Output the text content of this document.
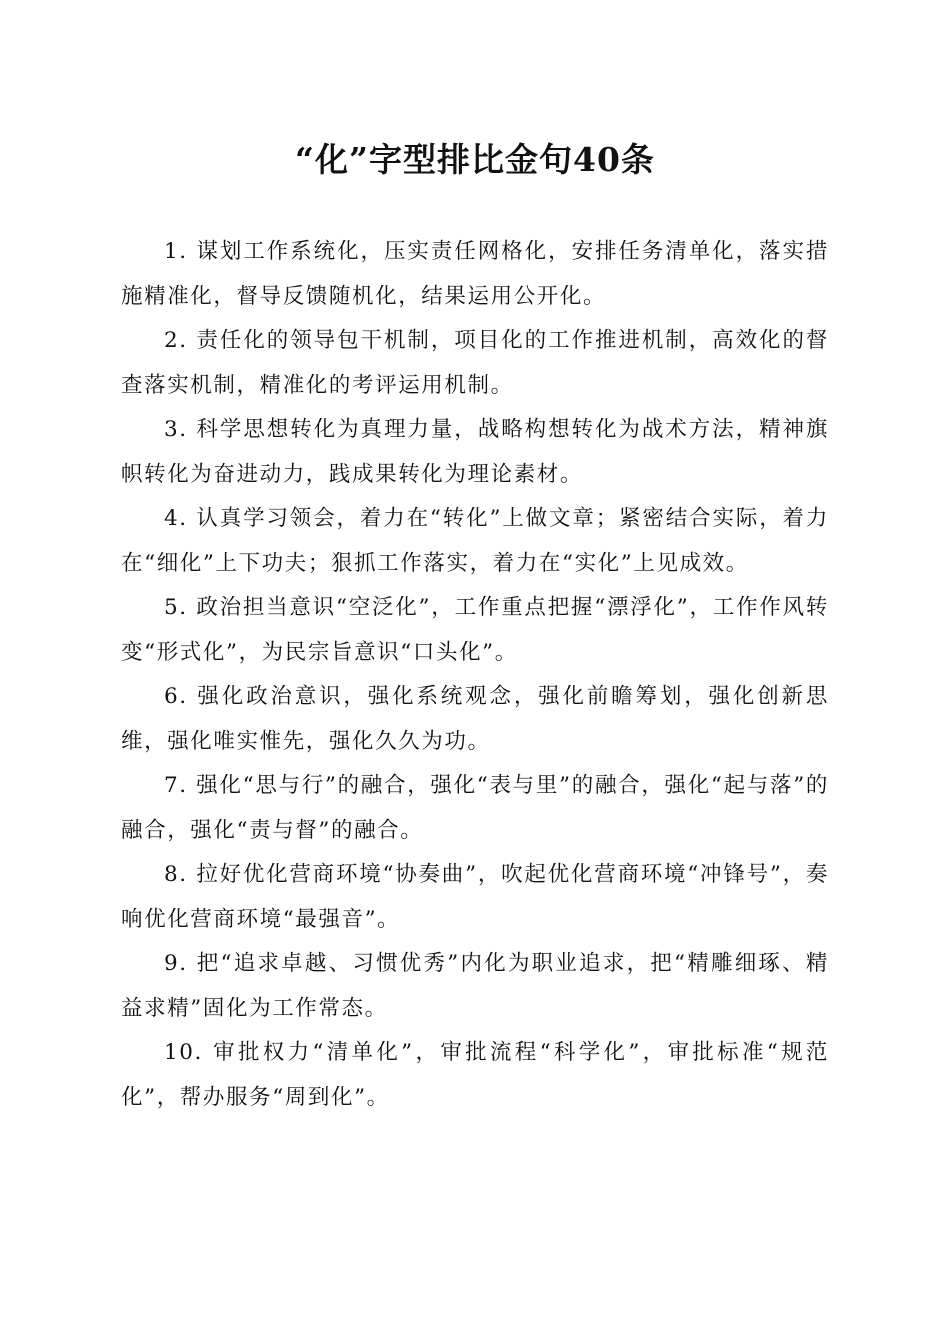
“化”字型排比金句40条

1. 谋划工作系统化，压实责任网格化，安排任务清单化，落实措施精准化，督导反馈随机化，结果运用公开化。

2. 责任化的领导包干机制，项目化的工作推进机制，高效化的督查落实机制，精准化的考评运用机制。

3. 科学思想转化为真理力量，战略构想转化为战术方法，精神旗帜转化为奋进动力，践成果转化为理论素材。

4. 认真学习领会，着力在“转化”上做文章；紧密结合实际，着力在“细化”上下功夫；狠抓工作落实，着力在“实化”上见成效。

5. 政治担当意识“空泛化”，工作重点把握“漂浮化”，工作作风转变“形式化”，为民宗旨意识“口头化”。

6. 强化政治意识，强化系统观念，强化前瞻筹划，强化创新思维，强化唯实惟先，强化久久为功。

7. 强化“思与行”的融合，强化“表与里”的融合，强化“起与落”的融合，强化“责与督”的融合。

8. 拉好优化营商环境“协奏曲”，吹起优化营商环境“冲锋号”，奏响优化营商环境“最强音”。

9. 把“追求卓越、习惯优秀”内化为职业追求，把“精雕细琢、精益求精”固化为工作常态。

10. 审批权力“清单化”，审批流程“科学化”，审批标准“规范化”，帮办服务“周到化”。
